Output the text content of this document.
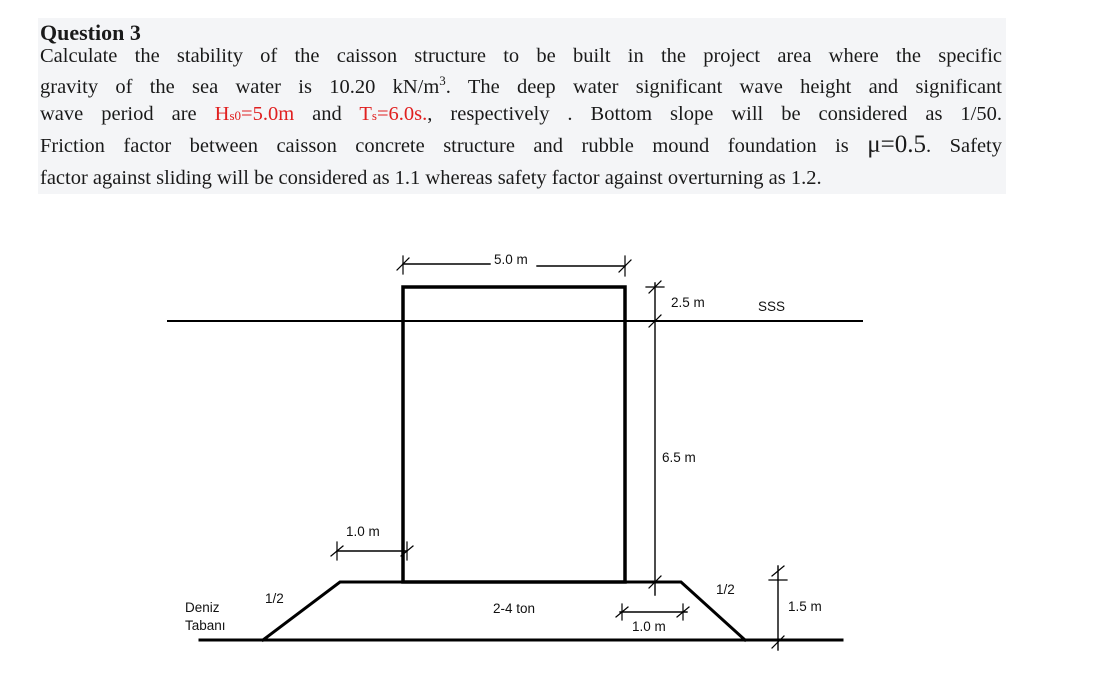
Question 3
Calculate the stability of the caisson structure to be built in the project area where the specific
gravity of the sea water is 10.20 $kN/m^3$. The deep water significant wave height and significant
wave period are Hs0=5.0m and Ts=6.0s., respectively . Bottom slope will be considered as 1/50.
Friction factor between caisson concrete structure and rubble mound foundation is μ=0.5. Safety
factor against sliding will be considered as 1.1 whereas safety factor against overturning as 1.2.
5.0 m
2.5 m	SSS
6.5 m
1.0 m
1/2
1/2
Deniz
Tabanı
2-4 ton
1.0 m
1.5 m
